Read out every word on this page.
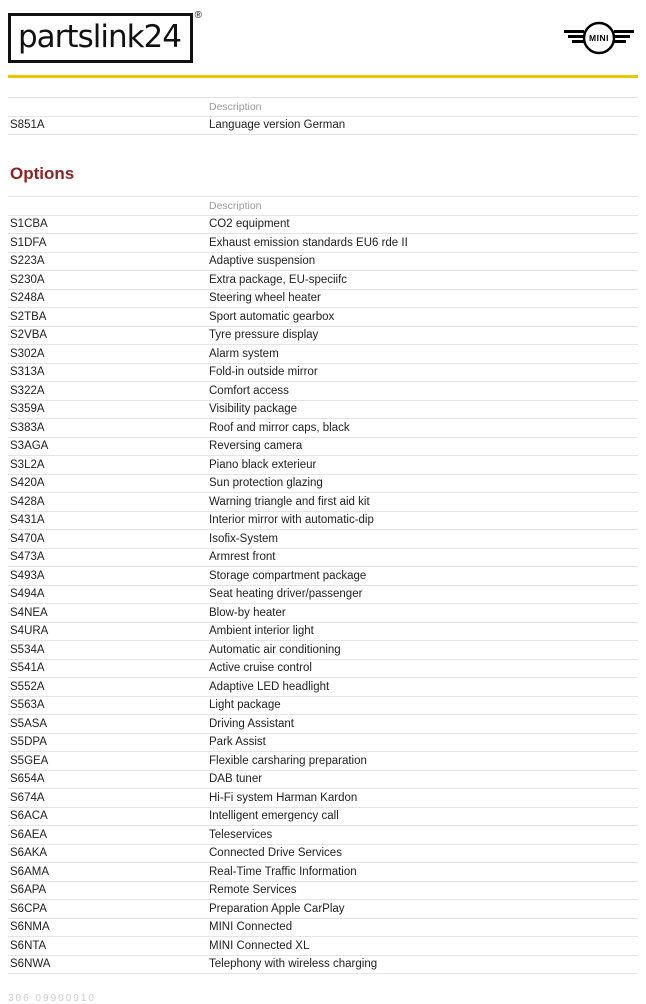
partslink24
®
MINI
	Description
S851A	Language version German
Options
	Description
S1CBA	CO2 equipment
S1DFA	Exhaust emission standards EU6 rde II
S223A	Adaptive suspension
S230A	Extra package, EU-speciifc
S248A	Steering wheel heater
S2TBA	Sport automatic gearbox
S2VBA	Tyre pressure display
S302A	Alarm system
S313A	Fold-in outside mirror
S322A	Comfort access
S359A	Visibility package
S383A	Roof and mirror caps, black
S3AGA	Reversing camera
S3L2A	Piano black exterieur
S420A	Sun protection glazing
S428A	Warning triangle and first aid kit
S431A	Interior mirror with automatic-dip
S470A	Isofix-System
S473A	Armrest front
S493A	Storage compartment package
S494A	Seat heating driver/passenger
S4NEA	Blow-by heater
S4URA	Ambient interior light
S534A	Automatic air conditioning
S541A	Active cruise control
S552A	Adaptive LED headlight
S563A	Light package
S5ASA	Driving Assistant
S5DPA	Park Assist
S5GEA	Flexible carsharing preparation
S654A	DAB tuner
S674A	Hi-Fi system Harman Kardon
S6ACA	Intelligent emergency call
S6AEA	Teleservices
S6AKA	Connected Drive Services
S6AMA	Real-Time Traffic Information
S6APA	Remote Services
S6CPA	Preparation Apple CarPlay
S6NMA	MINI Connected
S6NTA	MINI Connected XL
S6NWA	Telephony with wireless charging
306 09900910
